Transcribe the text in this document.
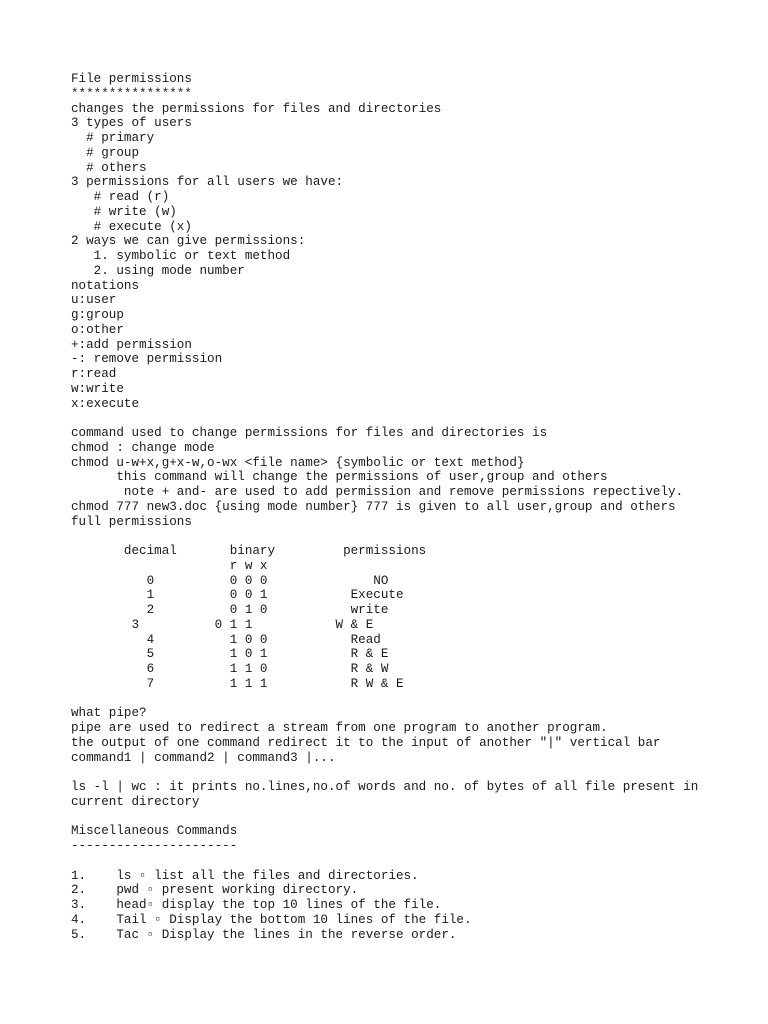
File permissions
****************
changes the permissions for files and directories
3 types of users
# primary
# group
# others
3 permissions for all users we have:
# read (r)
# write (w)
# execute (x)
2 ways we can give permissions:
1. symbolic or text method
2. using mode number
notations
u:user
g:group
o:other
+:add permission
-: remove permission
r:read
w:write
x:execute
command used to change permissions for files and directories is
chmod : change mode
chmod u-w+x,g+x-w,o-wx <file name> {symbolic or text method}
this command will change the permissions of user,group and others
note + and- are used to add permission and remove permissions repectively.
chmod 777 new3.doc {using mode number} 777 is given to all user,group and others
full permissions
decimal       binary         permissions
r w x
0          0 0 0              NO
1          0 0 1           Execute
2          0 1 0           write
3          0 1 1           W & E
4          1 0 0           Read
5          1 0 1           R & E
6          1 1 0           R & W
7          1 1 1           R W & E
what pipe?
pipe are used to redirect a stream from one program to another program.
the output of one command redirect it to the input of another "|" vertical bar
command1 | command2 | command3 |...
ls -l | wc : it prints no.lines,no.of words and no. of bytes of all file present in
current directory
Miscellaneous Commands
----------------------
1.    ls ▫ list all the files and directories.
2.    pwd ▫ present working directory.
3.    head▫ display the top 10 lines of the file.
4.    Tail ▫ Display the bottom 10 lines of the file.
5.    Tac ▫ Display the lines in the reverse order.
